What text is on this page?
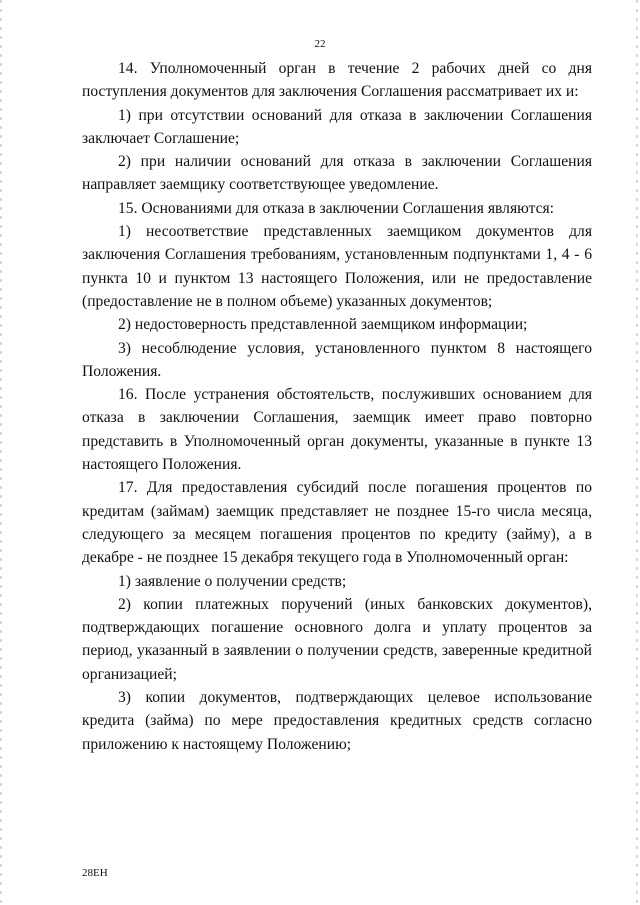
22

14. Уполномоченный орган в течение 2 рабочих дней со дня поступления документов для заключения Соглашения рассматривает их и:

1) при отсутствии оснований для отказа в заключении Соглашения заключает Соглашение;

2) при наличии оснований для отказа в заключении Соглашения направляет заемщику соответствующее уведомление.

15. Основаниями для отказа в заключении Соглашения являются:

1) несоответствие представленных заемщиком документов для заключения Соглашения требованиям, установленным подпунктами 1, 4 - 6 пункта 10 и пунктом 13 настоящего Положения, или не предоставление (предоставление не в полном объеме) указанных документов;

2) недостоверность представленной заемщиком информации;

3) несоблюдение условия, установленного пунктом 8 настоящего Положения.

16. После устранения обстоятельств, послуживших основанием для отказа в заключении Соглашения, заемщик имеет право повторно представить в Уполномоченный орган документы, указанные в пункте 13 настоящего Положения.

17. Для предоставления субсидий после погашения процентов по кредитам (займам) заемщик представляет не позднее 15-го числа месяца, следующего за месяцем погашения процентов по кредиту (займу), а в декабре - не позднее 15 декабря текущего года в Уполномоченный орган:

1) заявление о получении средств;

2) копии платежных поручений (иных банковских документов), подтверждающих погашение основного долга и уплату процентов за период, указанный в заявлении о получении средств, заверенные кредитной организацией;

3) копии документов, подтверждающих целевое использование кредита (займа) по мере предоставления кредитных средств согласно приложению к настоящему Положению;

28ЕН
